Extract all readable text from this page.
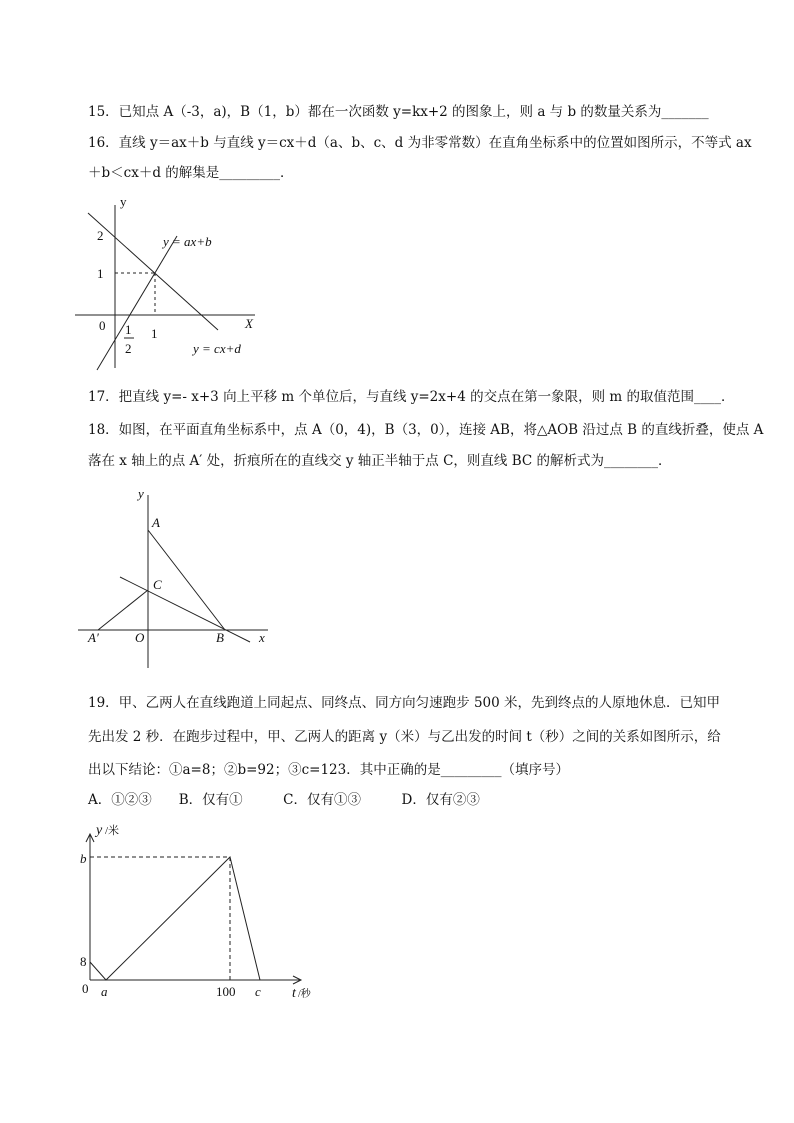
15．已知点 A（-3，a)，B（1，b）都在一次函数 y=kx+2 的图象上，则 a 与 b 的数量关系为_______
16．直线 y＝ax＋b 与直线 y＝cx＋d（a、b、c、d 为非零常数）在直角坐标系中的位置如图所示，不等式 ax
＋b＜cx＋d 的解集是_________．
y
X
2
1
0
1
1
2
y = ax+b
y = cx+d
17．把直线 y=- x+3 向上平移 m 个单位后，与直线 y=2x+4 的交点在第一象限，则 m 的取值范围____．
18．如图，在平面直角坐标系中，点 A（0，4)，B（3，0），连接 AB，将△AOB 沿过点 B 的直线折叠，使点 A
落在 x 轴上的点 A′ 处，折痕所在的直线交 y 轴正半轴于点 C，则直线 BC 的解析式为________．
y
x
A
C
O	B
A′
19．甲、乙两人在直线跑道上同起点、同终点、同方向匀速跑步 500 米，先到终点的人原地休息．已知甲
先出发 2 秒．在跑步过程中，甲、乙两人的距离 y（米）与乙出发的时间 t（秒）之间的关系如图所示，给
出以下结论：①a=8；②b=92；③c=123．其中正确的是_________（填序号）
A．①②③　　B．仅有①　　　C．仅有①③　　　D．仅有②③
y /米
b
8
0 a	100 c t /秒
